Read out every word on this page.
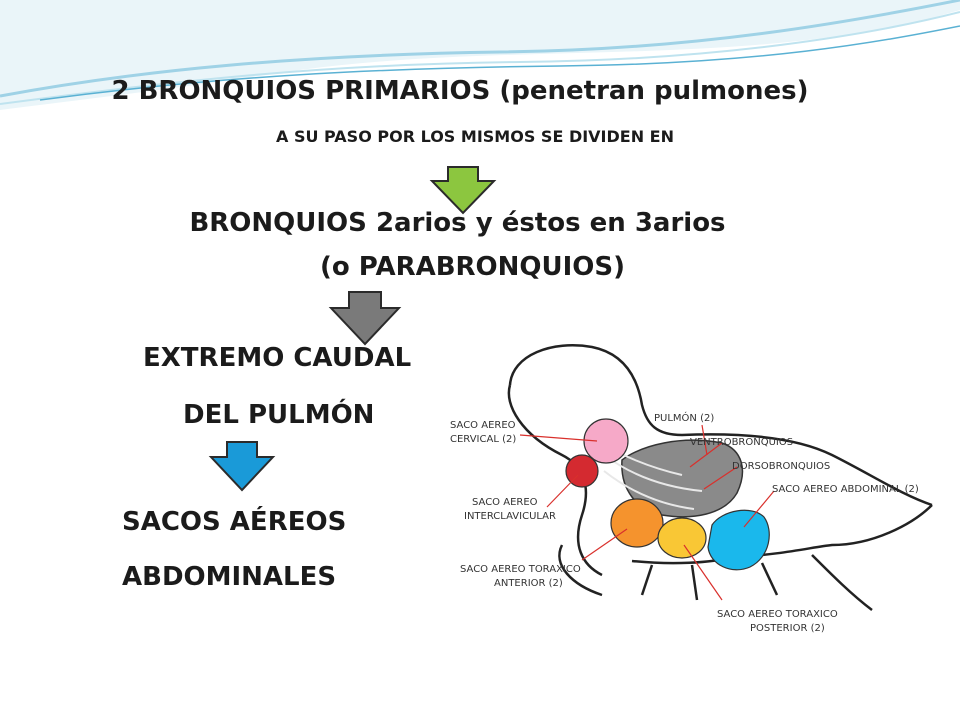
2 BRONQUIOS PRIMARIOS (penetran pulmones)
A SU PASO POR LOS MISMOS SE DIVIDEN EN
BRONQUIOS 2arios y éstos en 3arios
(o PARABRONQUIOS)
EXTREMO CAUDAL
DEL PULMÓN
SACOS AÉREOS
ABDOMINALES
SACO AEREO
CERVICAL (2)
PULMÓN (2)
VENTROBRONQUIOS
DORSOBRONQUIOS
SACO AEREO ABDOMINAL (2)
SACO AEREO
INTERCLAVICULAR
SACO AEREO TORAXICO
ANTERIOR (2)
SACO AEREO TORAXICO
POSTERIOR (2)
